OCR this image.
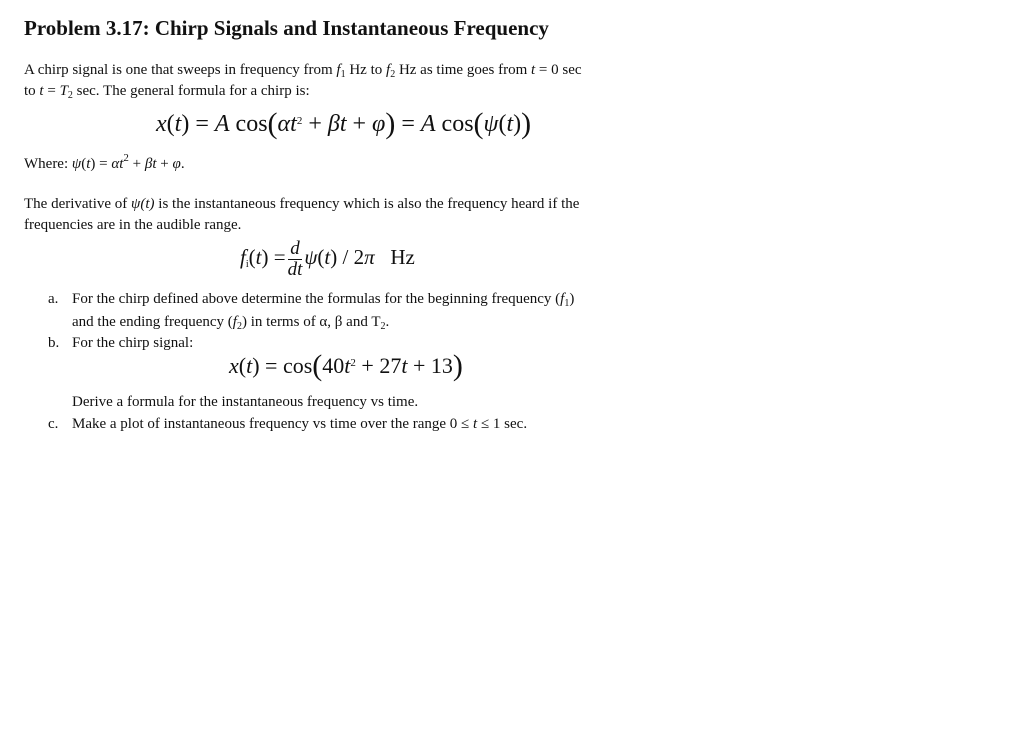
Problem 3.17: Chirp Signals and Instantaneous Frequency
A chirp signal is one that sweeps in frequency from $f_1$ Hz to $f_2$ Hz as time goes from t = 0 sec
to $t = T_2$ sec. The general formula for a chirp is:
x(t) = A $\cos(\alpha t^2 + \beta t + \varphi) = A$ cos(ψ(t))
Where: $\psi(t) = \alpha t^2 + \beta t + \varphi$.
The derivative of ψ(t) is the instantaneous frequency which is also the frequency heard if the
frequencies are in the audible range.
$f_i(t) = \frac{d}{dt} \psi(t) / 2\pi$ Hz
a. For the chirp defined above determine the formulas for the beginning frequency $(f_1)$
and the ending frequency $(f_2)$ in terms of α, β and $T_2$.
b. For the chirp signal:
$x(t) = \cos(40t^2 + 27t + 13)$
Derive a formula for the instantaneous frequency vs time.
c. Make a plot of instantaneous frequency vs time over the range 0 ≤ t ≤ 1 sec.
